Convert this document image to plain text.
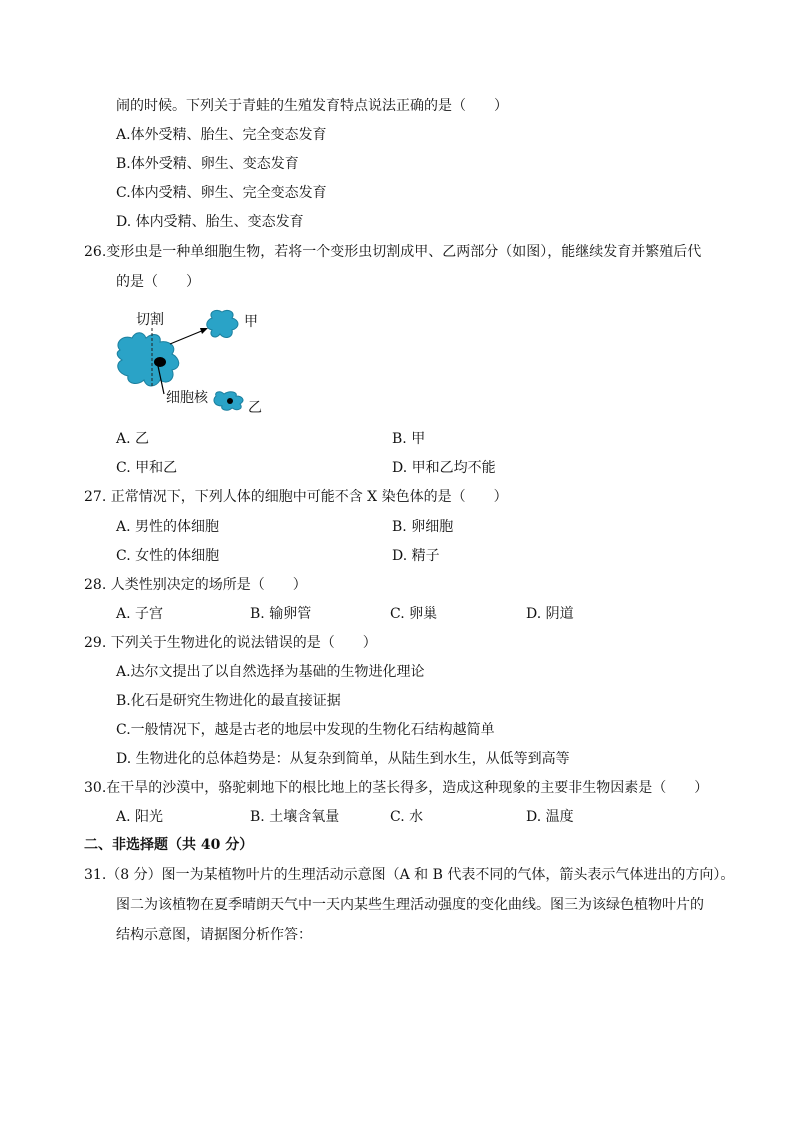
闹的时候。下列关于青蛙的生殖发育特点说法正确的是（　　）
A.体外受精、胎生、完全变态发育
B.体外受精、卵生、变态发育
C.体内受精、卵生、完全变态发育
D. 体内受精、胎生、变态发育
26.变形虫是一种单细胞生物，若将一个变形虫切割成甲、乙两部分（如图），能继续发育并繁殖后代
的是（　　）
切割	甲
细胞核
乙
A. 乙	B. 甲
C. 甲和乙	D. 甲和乙均不能
27. 正常情况下，下列人体的细胞中可能不含 X 染色体的是（　　）
A. 男性的体细胞	B. 卵细胞
C. 女性的体细胞	D. 精子
28. 人类性别决定的场所是（　　）
A. 子宫	B. 输卵管	C. 卵巢	D. 阴道
29. 下列关于生物进化的说法错误的是（　　）
A.达尔文提出了以自然选择为基础的生物进化理论
B.化石是研究生物进化的最直接证据
C.一般情况下，越是古老的地层中发现的生物化石结构越简单
D. 生物进化的总体趋势是：从复杂到简单，从陆生到水生，从低等到高等
30.在干旱的沙漠中，骆驼刺地下的根比地上的茎长得多，造成这种现象的主要非生物因素是（　　）
A. 阳光	B. 土壤含氧量	C. 水	D. 温度
二、非选择题（共 40 分）
31.（8 分）图一为某植物叶片的生理活动示意图（A 和 B 代表不同的气体，箭头表示气体进出的方向）。
图二为该植物在夏季晴朗天气中一天内某些生理活动强度的变化曲线。图三为该绿色植物叶片的
结构示意图，请据图分析作答：
